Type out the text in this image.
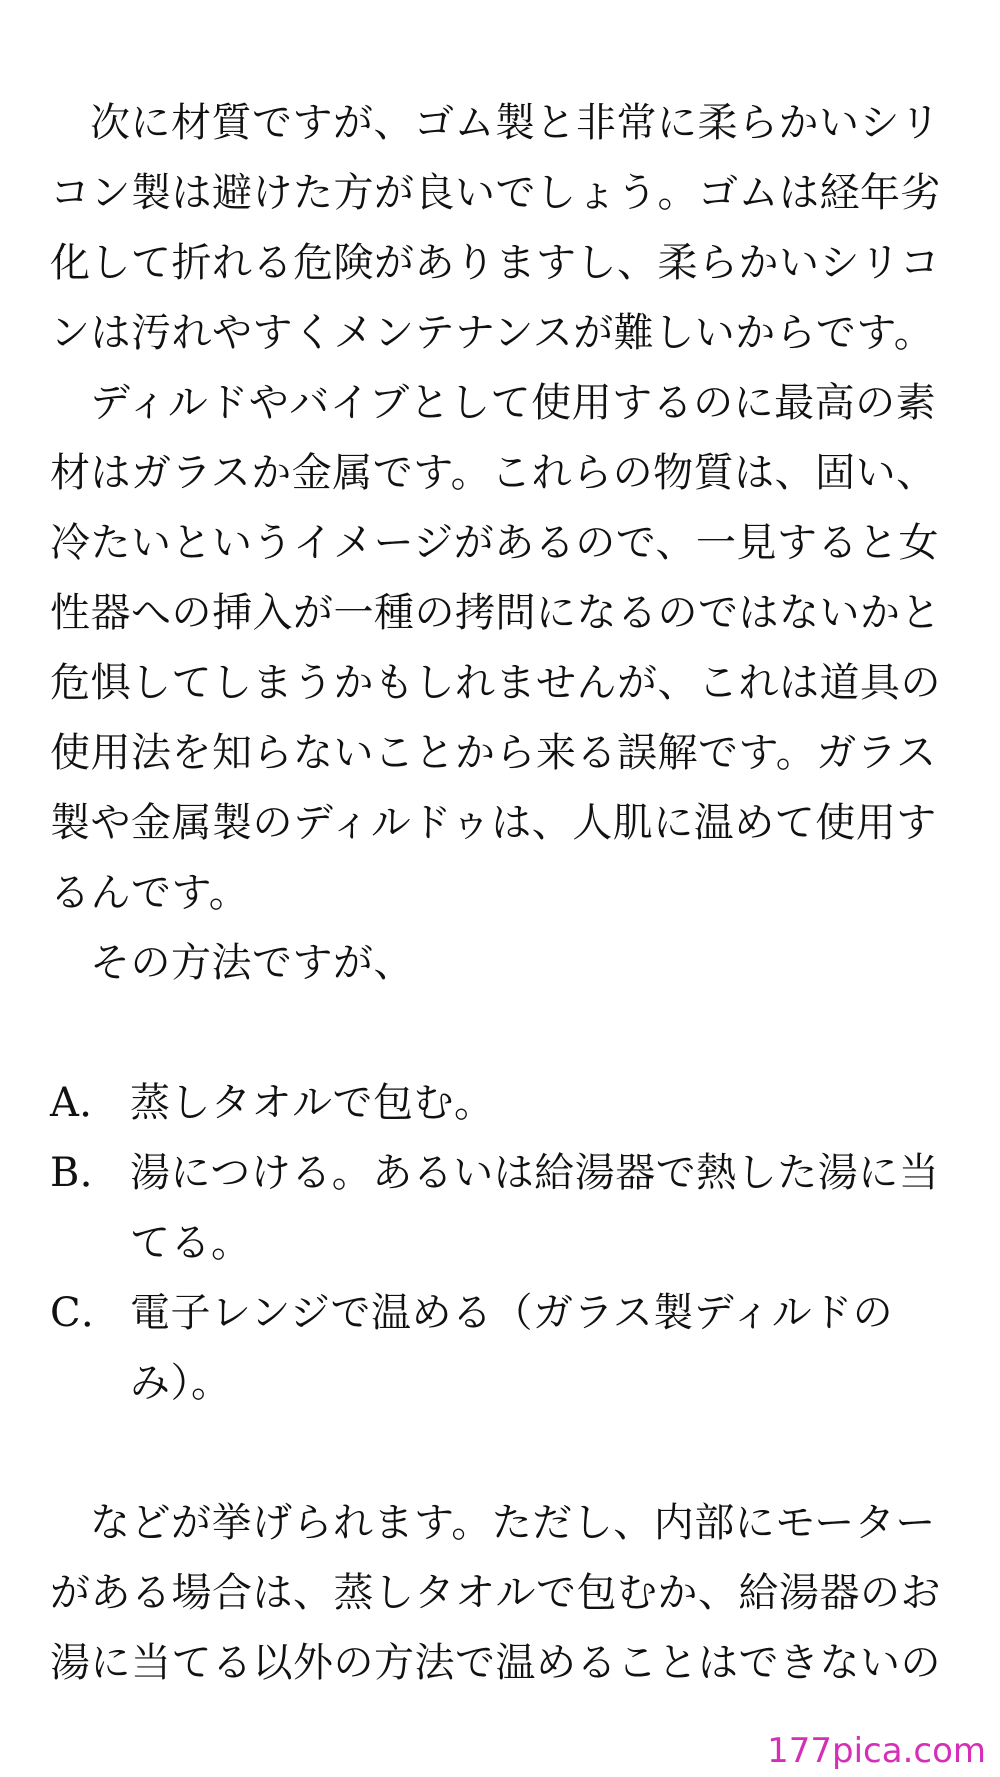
次に材質ですが、ゴム製と非常に柔らかいシリコン製は避けた方が良いでしょう。ゴムは経年劣化して折れる危険がありますし、柔らかいシリコンは汚れやすくメンテナンスが難しいからです。

ディルドやバイブとして使用するのに最高の素材はガラスか金属です。これらの物質は、固い、冷たいというイメージがあるので、一見すると女性器への挿入が一種の拷問になるのではないかと危惧してしまうかもしれませんが、これは道具の使用法を知らないことから来る誤解です。ガラス製や金属製のディルドゥは、人肌に温めて使用するんです。

その方法ですが、

A． 蒸しタオルで包む。
B． 湯につける。あるいは給湯器で熱した湯に当てる。
C． 電子レンジで温める（ガラス製ディルドのみ）。

などが挙げられます。ただし、内部にモーターがある場合は、蒸しタオルで包むか、給湯器のお湯に当てる以外の方法で温めることはできないの

177pica.com
